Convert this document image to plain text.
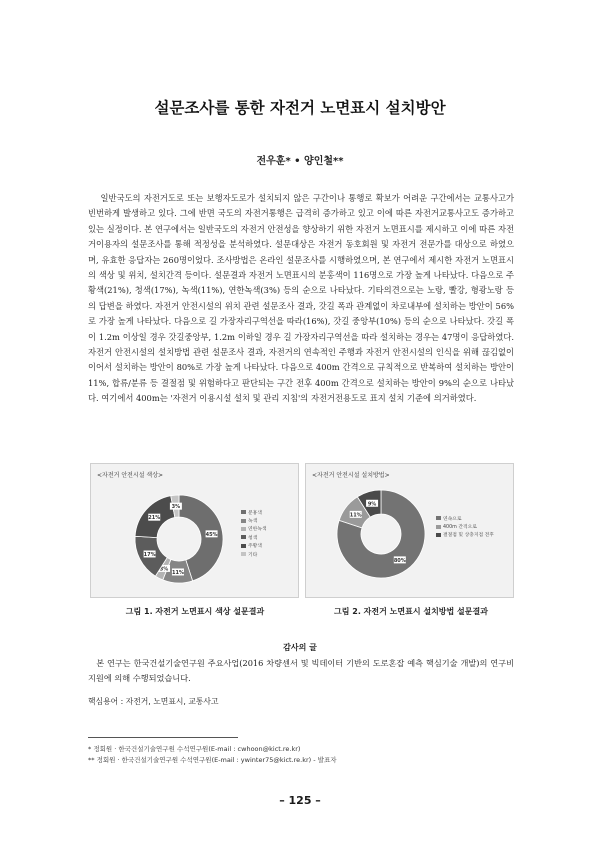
설문조사를 통한 자전거 노면표시 설치방안
전우훈* • 양인철**
일반국도의 자전거도로 또는 보행자도로가 설치되지 않은 구간이나 통행로 확보가 어려운 구간에서는 교통사고가 빈번하게 발생하고 있다. 그에 반면 국도의 자전거통행은 급격히 증가하고 있고 이에 따른 자전거교통사고도 증가하고 있는 실정이다. 본 연구에서는 일반국도의 자전거 안전성을 향상하기 위한 자전거 노면표시를 제시하고 이에 따른 자전거이용자의 설문조사를 통해 적정성을 분석하였다. 설문대상은 자전거 동호회원 및 자전거 전문가를 대상으로 하였으며, 유효한 응답자는 260명이었다. 조사방법은 온라인 설문조사를 시행하였으며, 본 연구에서 제시한 자전거 노면표시의 색상 및 위치, 설치간격 등이다. 설문결과 자전거 노면표시의 분홍색이 116명으로 가장 높게 나타났다. 다음으로 주황색(21%), 청색(17%), 녹색(11%), 연한녹색(3%) 등의 순으로 나타났다. 기타의견으로는 노랑, 빨강, 형광노랑 등의 답변을 하였다. 자전거 안전시설의 위치 관련 설문조사 결과, 갓길 폭과 관계없이 차로내부에 설치하는 방안이 56%로 가장 높게 나타났다. 다음으로 길 가장자리구역선을 따라(16%), 갓길 중앙부(10%) 등의 순으로 나타났다. 갓길 폭이 1.2m 이상일 경우 갓길중앙부, 1.2m 이하일 경우 길 가장자리구역선을 따라 설치하는 경우는 47명이 응답하였다. 자전거 안전시설의 설치방법 관련 설문조사 결과, 자전거의 연속적인 주행과 자전거 안전시설의 인식을 위해 끊김없이 이어서 설치하는 방안이 80%로 가장 높게 나타났다. 다음으로 400m 간격으로 규칙적으로 반복하여 설치하는 방안이 11%, 합류/분류 등 결절점 및 위험하다고 판단되는 구간 전후 400m 간격으로 설치하는 방안이 9%의 순으로 나타났다. 여기에서 400m는 '자전거 이용시설 설치 및 관리 지침'의 자전거전용도로 표지 설치 기준에 의거하였다.
<자전거 안전시설 색상>
45%
11%
3%
17%
21%
3%
분홍색
녹색
연한녹색
청색
주황색
기타
<자전거 안전시설 설치방법>
80%
11%
9%
연속으로
400m 간격으로
결절점 및 상충지점 전후
그림 1. 자전거 노면표시 색상 설문결과	그림 2. 자전거 노면표시 설치방법 설문결과
감사의 글
본 연구는 한국건설기술연구원 주요사업(2016 차량센서 및 빅데이터 기반의 도로혼잡 예측 핵심기술 개발)의 연구비 지원에 의해 수행되었습니다.
핵심용어 : 자전거, 노면표시, 교통사고
* 정회원 · 한국건설기술연구원 수석연구원(E-mail : cwhoon@kict.re.kr)
** 정회원 · 한국건설기술연구원 수석연구원(E-mail : ywinter75@kict.re.kr) - 발표자
– 125 –
